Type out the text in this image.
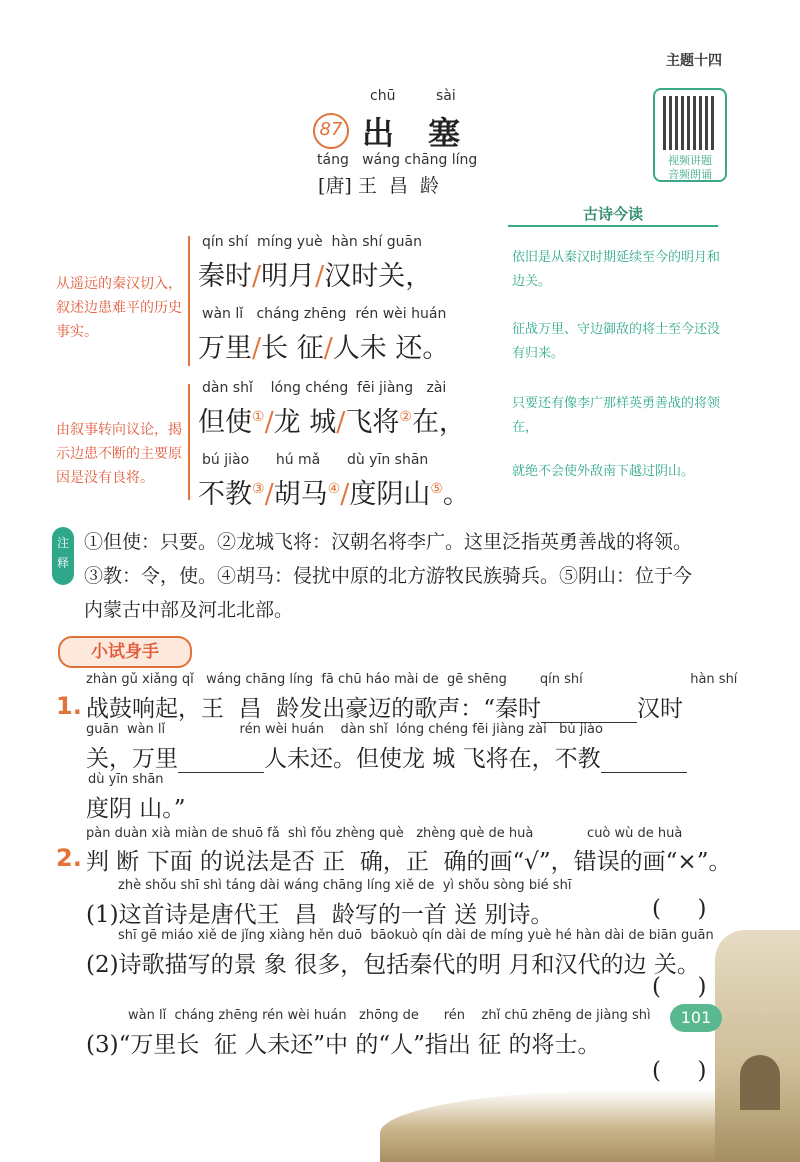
主题十四
视频讲题
音频朗诵
87
chū	sài
出 塞
táng   wáng chāng líng
[唐] 王  昌  龄
古诗今读
依旧是从秦汉时期延续至今的明月和边关。
征战万里、守边御敌的将士至今还没有归来。
只要还有像李广那样英勇善战的将领在，
就绝不会使外敌南下越过阴山。
从遥远的秦汉切入，叙述边患难平的历史事实。
由叙事转向议论，揭示边患不断的主要原因是没有良将。
qín shí  míng yuè  hàn shí guān
秦时/明月/汉时关，
wàn lǐ   cháng zhēng  rén wèi huán
万里/长 征/人未 还。
dàn shǐ    lóng chéng  fēi jiàng   zài
但使①/龙 城/飞将②在，
bú jiào      hú mǎ      dù yīn shān
不教③/胡马④/度阴山⑤。
注释
①但使：只要。②龙城飞将：汉朝名将李广。这里泛指英勇善战的将领。
③教：令，使。④胡马：侵扰中原的北方游牧民族骑兵。⑤阴山：位于今
内蒙古中部及河北北部。
小试身手
zhàn gǔ xiǎng qǐ   wáng chāng líng  fā chū háo mài de  gē shēng        qín shí                          hàn shí
1. 战鼓响起，王  昌  龄发出豪迈的歌声：“秦时	汉时
guān  wàn lǐ                  rén wèi huán    dàn shǐ  lóng chéng fēi jiàng zài   bú jiào
关，万里	人未还。但使龙 城 飞将在，不教
dù yīn shān
度阴 山。”
pàn duàn xià miàn de shuō fǎ  shì fǒu zhèng què   zhèng què de huà             cuò wù de huà
2. 判 断 下面 的说法是否 正  确，正  确的画“√”，错误的画“×”。
zhè shǒu shī shì táng dài wáng chāng líng xiě de  yì shǒu sòng bié shī
(1)这首诗是唐代王  昌  龄写的一首 送 别诗。	(     )
shī gē miáo xiě de jǐng xiàng hěn duō  bāokuò qín dài de míng yuè hé hàn dài de biān guān
(2)诗歌描写的景 象 很多，包括秦代的明 月和汉代的边 关。
(     )
wàn lǐ  cháng zhēng rén wèi huán   zhōng de      rén    zhǐ chū zhēng de jiàng shì
(3)“万里长  征 人未还”中 的“人”指出 征 的将士。
(     )
101
